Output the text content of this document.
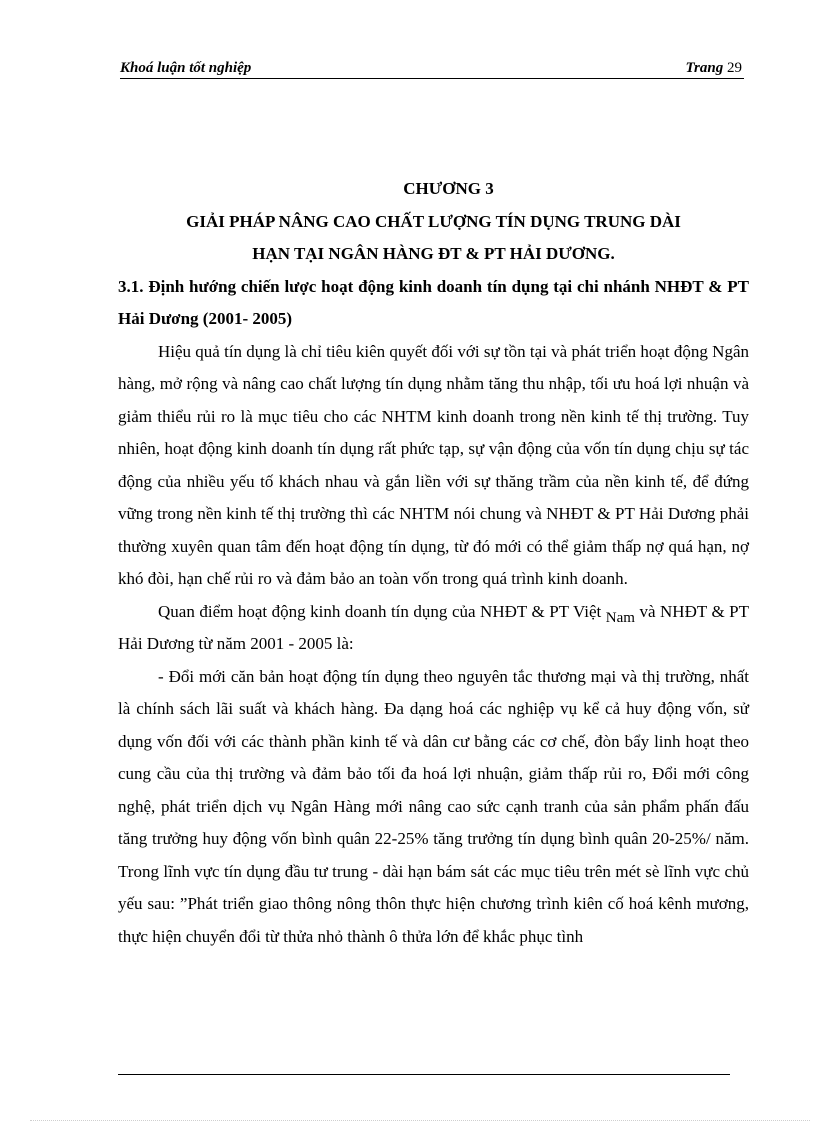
Khoá luận tốt nghiệp	Trang 29

CHƯƠNG 3

GIẢI PHÁP NÂNG CAO CHẤT LƯỢNG TÍN DỤNG TRUNG DÀI

HẠN TẠI NGÂN HÀNG ĐT & PT HẢI DƯƠNG.

3.1. Định hướng chiến lược hoạt động kinh doanh tín dụng tại chi nhánh NHĐT & PT Hải Dương (2001- 2005)

Hiệu quả tín dụng là chỉ tiêu kiên quyết đối với sự tồn tại và phát triển hoạt động Ngân hàng, mở rộng và nâng cao chất lượng tín dụng nhằm tăng thu nhập, tối ưu hoá lợi nhuận và giảm thiểu rủi ro là mục tiêu cho các NHTM kinh doanh trong nền kinh tế thị trường. Tuy nhiên, hoạt động kinh doanh tín dụng rất phức tạp, sự vận động của vốn tín dụng chịu sự tác động của nhiều yếu tố khách nhau và gắn liền với sự thăng trầm của nền kinh tế, để đứng vững trong nền kinh tế thị trường thì các NHTM nói chung và NHĐT & PT Hải Dương phải thường xuyên quan tâm đến hoạt động tín dụng, từ đó mới có thể giảm thấp nợ quá hạn, nợ khó đòi, hạn chế rủi ro và đảm bảo an toàn vốn trong quá trình kinh doanh.

Quan điểm hoạt động kinh doanh tín dụng của NHĐT & PT Việt Nam và NHĐT & PT Hải Dương từ năm 2001 - 2005 là:

- Đổi mới căn bản hoạt động tín dụng theo nguyên tắc thương mại và thị trường, nhất là chính sách lãi suất và khách hàng. Đa dạng hoá các nghiệp vụ kể cả huy động vốn, sử dụng vốn đối với các thành phần kinh tế và dân cư bằng các cơ chế, đòn bẩy linh hoạt theo cung cầu của thị trường và đảm bảo tối đa hoá lợi nhuận, giảm thấp rủi ro, Đổi mới công nghệ, phát triển dịch vụ Ngân Hàng mới nâng cao sức cạnh tranh của sản phẩm phấn đấu tăng trưởng huy động vốn bình quân 22-25% tăng trưởng tín dụng bình quân 20-25%/ năm. Trong lĩnh vực tín dụng đầu tư trung - dài hạn bám sát các mục tiêu trên mét sè lĩnh vực chủ yếu sau: ”Phát triển giao thông nông thôn thực hiện chương trình kiên cố hoá kênh mương, thực hiện chuyển đổi từ thửa nhỏ thành ô thửa lớn để khắc phục tình
